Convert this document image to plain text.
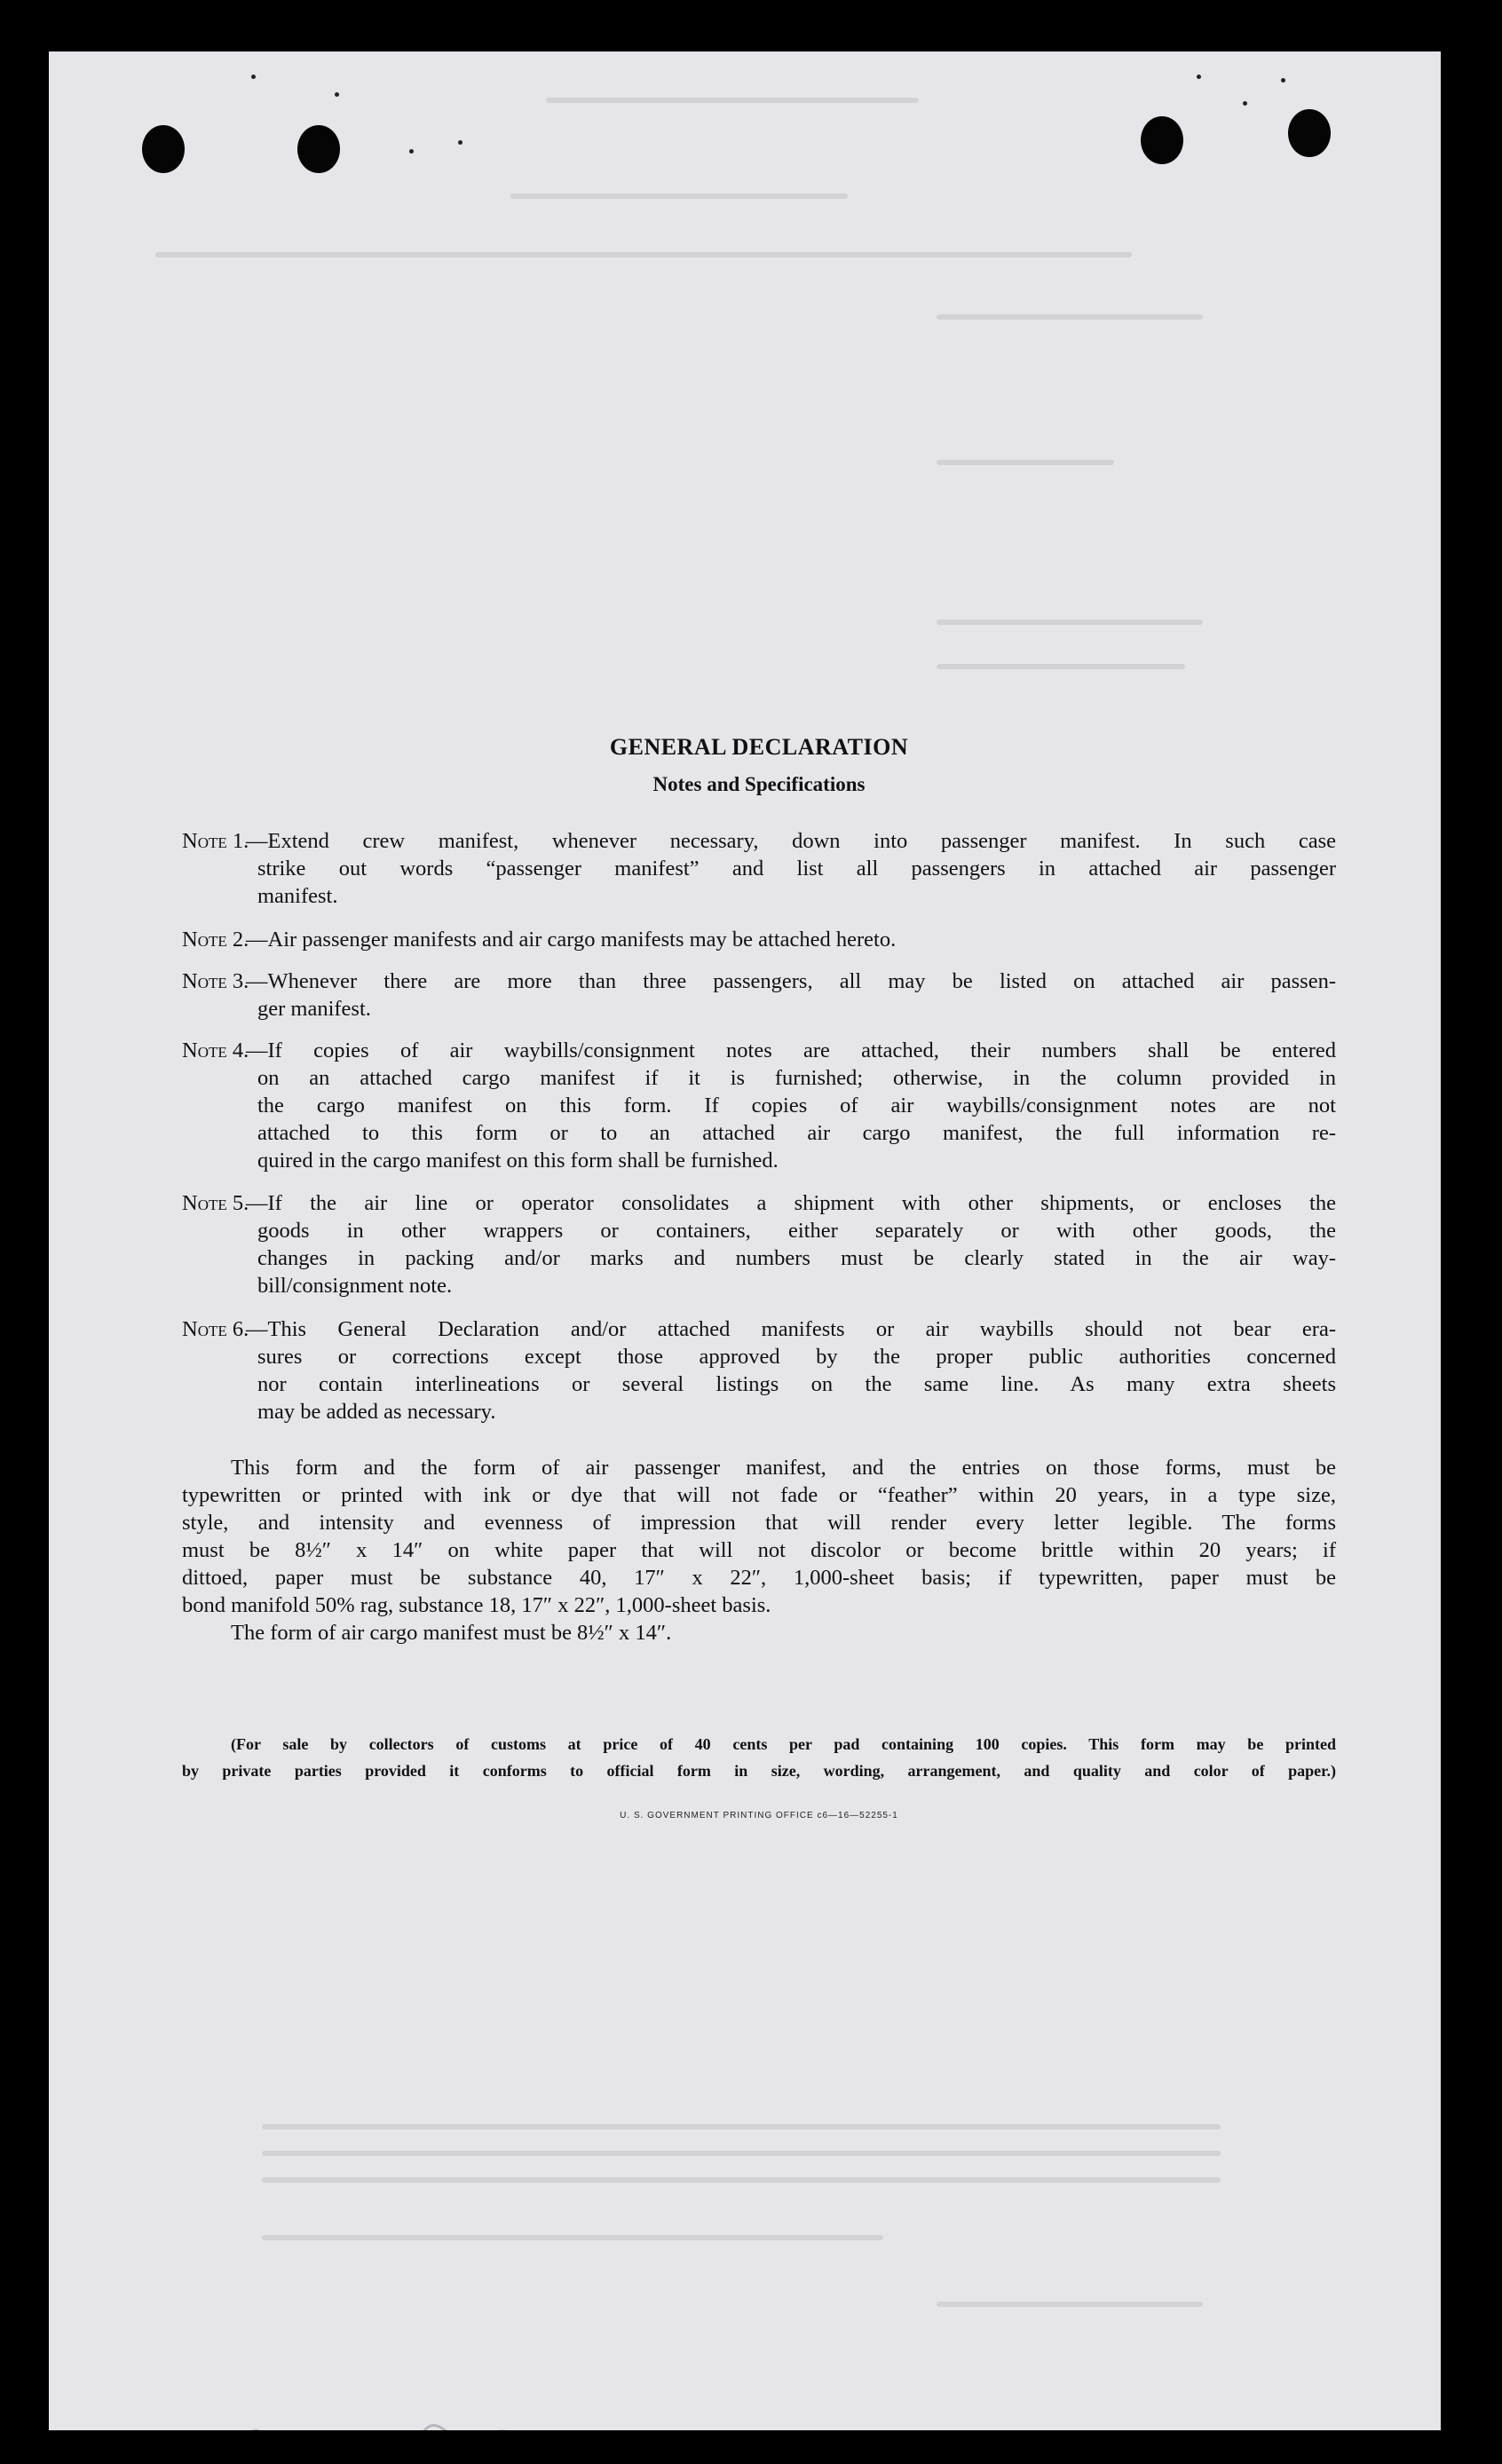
GENERAL DECLARATION
Notes and Specifications
Note 1.
—Extend crew manifest, whenever necessary, down into passenger manifest. In such case
strike out words “passenger manifest” and list all passengers in attached air passenger
manifest.
Note 2.
—Air passenger manifests and air cargo manifests may be attached hereto.
Note 3.
—Whenever there are more than three passengers, all may be listed on attached air passen-
ger manifest.
Note 4.
—If copies of air waybills/consignment notes are attached, their numbers shall be entered
on an attached cargo manifest if it is furnished; otherwise, in the column provided in
the cargo manifest on this form. If copies of air waybills/consignment notes are not
attached to this form or to an attached air cargo manifest, the full information re-
quired in the cargo manifest on this form shall be furnished.
Note 5.
—If the air line or operator consolidates a shipment with other shipments, or encloses the
goods in other wrappers or containers, either separately or with other goods, the
changes in packing and/or marks and numbers must be clearly stated in the air way-
bill/consignment note.
Note 6.
—This General Declaration and/or attached manifests or air waybills should not bear era-
sures or corrections except those approved by the proper public authorities concerned
nor contain interlineations or several listings on the same line. As many extra sheets
may be added as necessary.
This form and the form of air passenger manifest, and the entries on those forms, must be
typewritten or printed with ink or dye that will not fade or “feather” within 20 years, in a type size,
style, and intensity and evenness of impression that will render every letter legible. The forms
must be 8½″ x 14″ on white paper that will not discolor or become brittle within 20 years; if
dittoed, paper must be substance 40, 17″ x 22″, 1,000-sheet basis; if typewritten, paper must be
bond manifold 50% rag, substance 18, 17″ x 22″, 1,000-sheet basis.
The form of air cargo manifest must be 8½″ x 14″.
(For sale by collectors of customs at price of 40 cents per pad containing 100 copies. This form may be printed
by private parties provided it conforms to official form in size, wording, arrangement, and quality and color of paper.)
U. S. GOVERNMENT PRINTING OFFICE c6—16—52255-1
